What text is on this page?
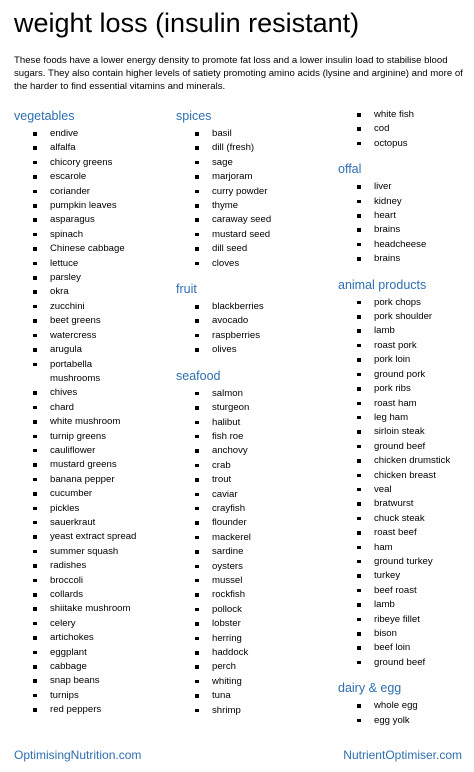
weight loss (insulin resistant)

These foods have a lower energy density to promote fat loss and a lower insulin load to stabilise blood sugars. They also contain higher levels of satiety promoting amino acids (lysine and arginine) and more of the harder to find essential vitamins and minerals.

vegetables
endive
alfalfa
chicory greens
escarole
coriander
pumpkin leaves
asparagus
spinach
Chinese cabbage
lettuce
parsley
okra
zucchini
beet greens
watercress
arugula
portabella mushrooms
chives
chard
white mushroom
turnip greens
cauliflower
mustard greens
banana pepper
cucumber
pickles
sauerkraut
yeast extract spread
summer squash
radishes
broccoli
collards
shiitake mushroom
celery
artichokes
eggplant
cabbage
snap beans
turnips
red peppers
spices
basil
dill (fresh)
sage
marjoram
curry powder
thyme
caraway seed
mustard seed
dill seed
cloves
fruit
blackberries
avocado
raspberries
olives
seafood
salmon
sturgeon
halibut
fish roe
anchovy
crab
trout
caviar
crayfish
flounder
mackerel
sardine
oysters
mussel
rockfish
pollock
lobster
herring
haddock
perch
whiting
tuna
shrimp
white fish
cod
octopus
offal
liver
kidney
heart
brains
headcheese
brains
animal products
pork chops
pork shoulder
lamb
roast pork
pork loin
ground pork
pork ribs
roast ham
leg ham
sirloin steak
ground beef
chicken drumstick
chicken breast
veal
bratwurst
chuck steak
roast beef
ham
ground turkey
turkey
beef roast
lamb
ribeye fillet
bison
beef loin
ground beef
dairy & egg
whole egg
egg yolk
OptimisingNutrition.com	NutrientOptimiser.com
